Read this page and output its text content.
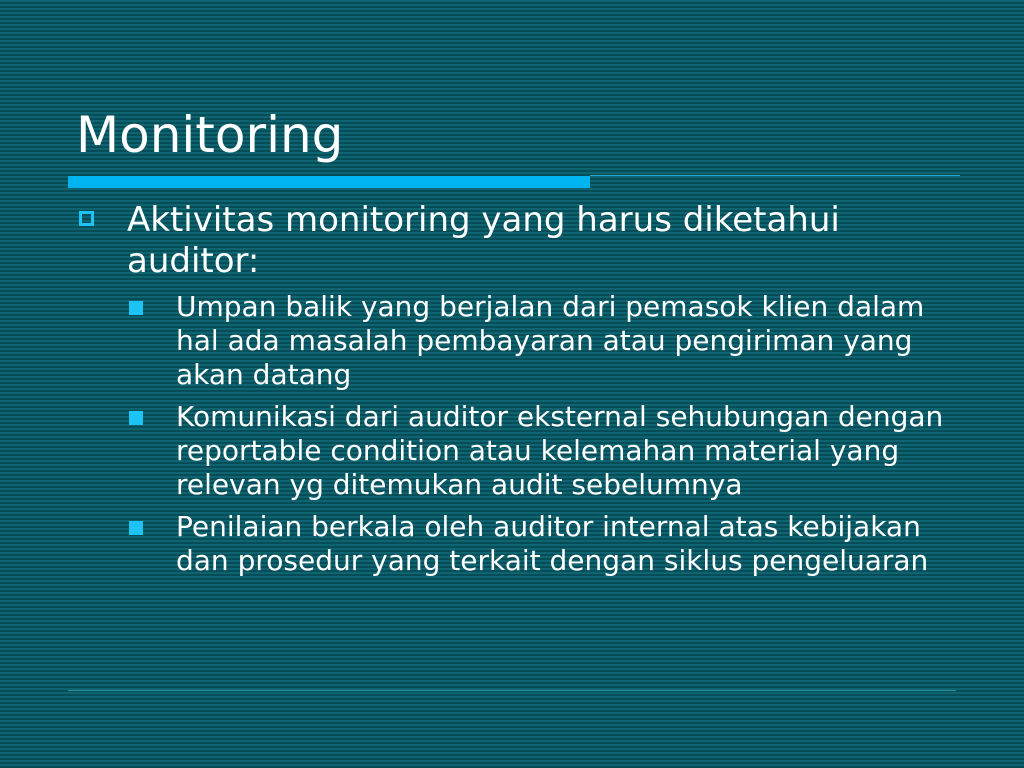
Monitoring
Aktivitas monitoring yang harus diketahui auditor:
Umpan balik yang berjalan dari pemasok klien dalam hal ada masalah pembayaran atau pengiriman yang akan datang
Komunikasi dari auditor eksternal sehubungan dengan reportable condition atau kelemahan material yang relevan yg ditemukan audit sebelumnya
Penilaian berkala oleh auditor internal atas kebijakan dan prosedur yang terkait dengan siklus pengeluaran
